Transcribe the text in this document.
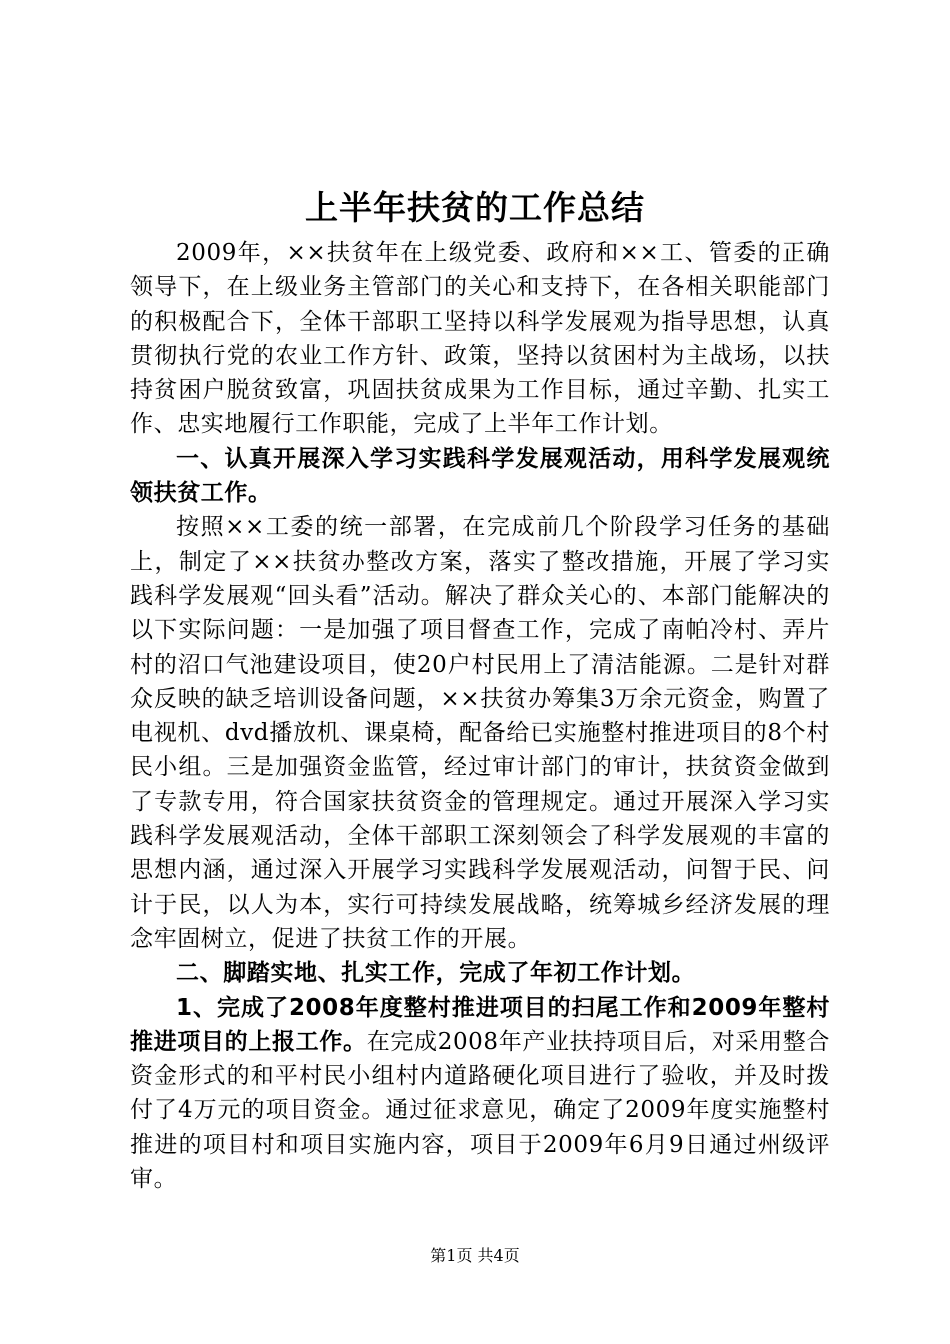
上半年扶贫的工作总结

2009年，××扶贫年在上级党委、政府和××工、管委的正确领导下，在上级业务主管部门的关心和支持下，在各相关职能部门的积极配合下，全体干部职工坚持以科学发展观为指导思想，认真贯彻执行党的农业工作方针、政策，坚持以贫困村为主战场，以扶持贫困户脱贫致富，巩固扶贫成果为工作目标，通过辛勤、扎实工作、忠实地履行工作职能，完成了上半年工作计划。

一、认真开展深入学习实践科学发展观活动，用科学发展观统领扶贫工作。

按照××工委的统一部署，在完成前几个阶段学习任务的基础上，制定了××扶贫办整改方案，落实了整改措施，开展了学习实践科学发展观“回头看”活动。解决了群众关心的、本部门能解决的以下实际问题：一是加强了项目督查工作，完成了南帕冷村、弄片村的沼口气池建设项目，使20户村民用上了清洁能源。二是针对群众反映的缺乏培训设备问题，××扶贫办筹集3万余元资金，购置了电视机、dvd播放机、课桌椅，配备给已实施整村推进项目的8个村民小组。三是加强资金监管，经过审计部门的审计，扶贫资金做到了专款专用，符合国家扶贫资金的管理规定。通过开展深入学习实践科学发展观活动，全体干部职工深刻领会了科学发展观的丰富的思想内涵，通过深入开展学习实践科学发展观活动，问智于民、问计于民，以人为本，实行可持续发展战略，统筹城乡经济发展的理念牢固树立，促进了扶贫工作的开展。

二、脚踏实地、扎实工作，完成了年初工作计划。

1、完成了2008年度整村推进项目的扫尾工作和2009年整村推进项目的上报工作。在完成2008年产业扶持项目后，对采用整合资金形式的和平村民小组村内道路硬化项目进行了验收，并及时拨付了4万元的项目资金。通过征求意见，确定了2009年度实施整村推进的项目村和项目实施内容，项目于2009年6月9日通过州级评审。

第1页 共4页
